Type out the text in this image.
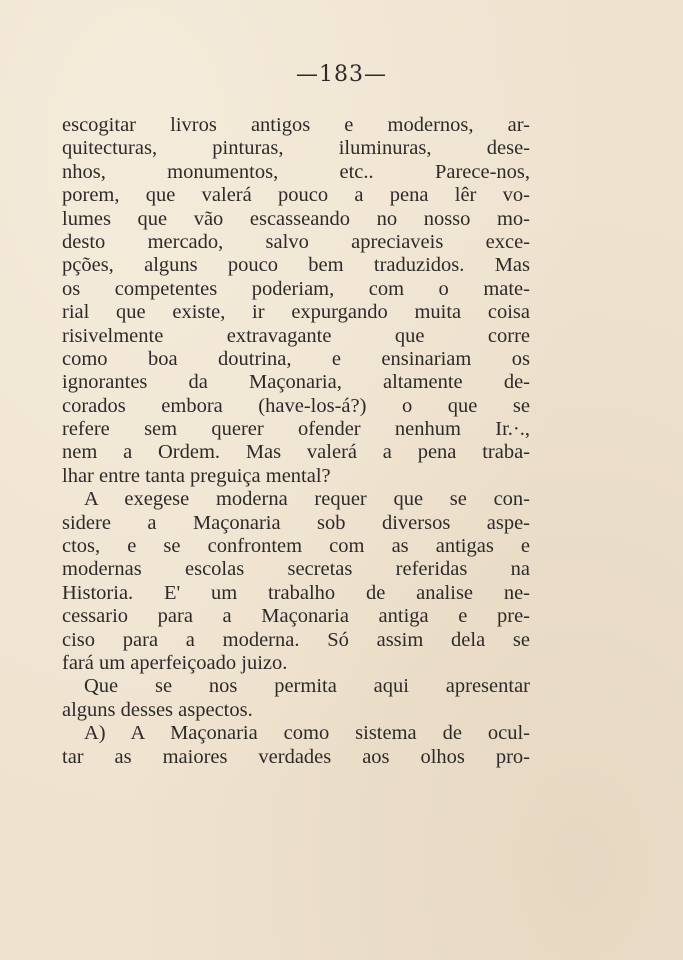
—183—
escogitar livros antigos e modernos, ar-
quitecturas, pinturas, iluminuras, dese-
nhos, monumentos, etc.. Parece-nos,
porem, que valerá pouco a pena lêr vo-
lumes que vão escasseando no nosso mo-
desto mercado, salvo apreciaveis exce-
pções, alguns pouco bem traduzidos. Mas
os competentes poderiam, com o mate-
rial que existe, ir expurgando muita coisa
risivelmente extravagante que corre
como boa doutrina, e ensinariam os
ignorantes da Maçonaria, altamente de-
corados embora (have-los-á?) o que se
refere sem querer ofender nenhum Ir.·.,
nem a Ordem. Mas valerá a pena traba-
lhar entre tanta preguiça mental?
A exegese moderna requer que se con-
sidere a Maçonaria sob diversos aspe-
ctos, e se confrontem com as antigas e
modernas escolas secretas referidas na
Historia. E' um trabalho de analise ne-
cessario para a Maçonaria antiga e pre-
ciso para a moderna. Só assim dela se
fará um aperfeiçoado juizo.
Que se nos permita aqui apresentar
alguns desses aspectos.
A) A Maçonaria como sistema de ocul-
tar as maiores verdades aos olhos pro-
